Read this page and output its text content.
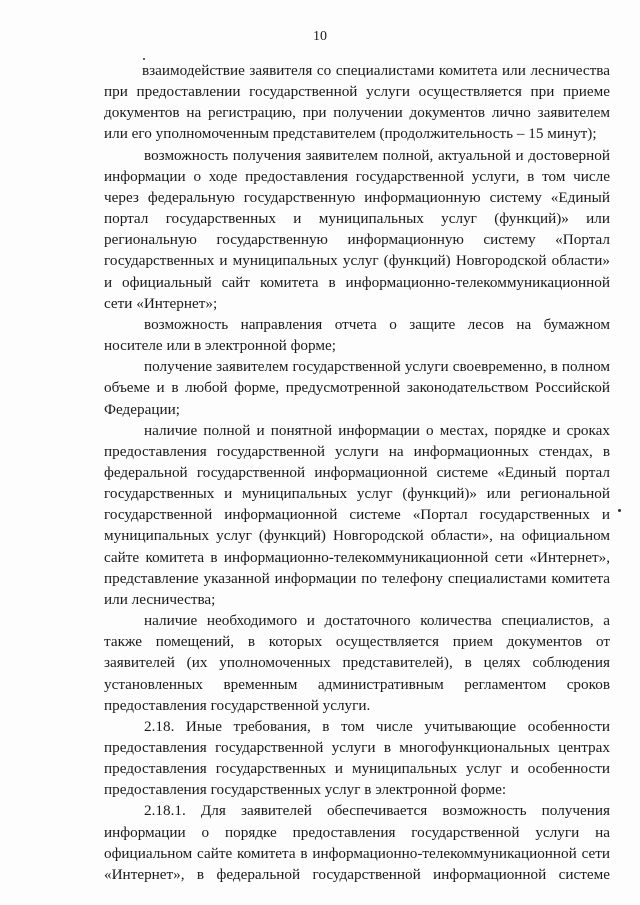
10

взаимодействие заявителя со специалистами комитета или лесничества при предоставлении государственной услуги осуществляется при приеме документов на регистрацию, при получении документов лично заявителем или его уполномоченным представителем (продолжительность – 15 минут);

возможность получения заявителем полной, актуальной и достоверной информации о ходе предоставления государственной услуги, в том числе через федеральную государственную информационную систему «Единый портал государственных и муниципальных услуг (функций)» или региональную государственную информационную систему «Портал государственных и муниципальных услуг (функций) Новгородской области» и официальный сайт комитета в информационно-телекоммуникационной сети «Интернет»;

возможность направления отчета о защите лесов на бумажном носителе или в электронной форме;

получение заявителем государственной услуги своевременно, в полном объеме и в любой форме, предусмотренной законодательством Российской Федерации;

наличие полной и понятной информации о местах, порядке и сроках предоставления государственной услуги на информационных стендах, в федеральной государственной информационной системе «Единый портал государственных и муниципальных услуг (функций)» или региональной государственной информационной системе «Портал государственных и муниципальных услуг (функций) Новгородской области», на официальном сайте комитета в информационно-телекоммуникационной сети «Интернет», представление указанной информации по телефону специалистами комитета или лесничества;

наличие необходимого и достаточного количества специалистов, а также помещений, в которых осуществляется прием документов от заявителей (их уполномоченных представителей), в целях соблюдения установленных временным административным регламентом сроков предоставления государственной услуги.

2.18. Иные требования, в том числе учитывающие особенности предоставления государственной услуги в многофункциональных центрах предоставления государственных и муниципальных услуг и особенности предоставления государственных услуг в электронной форме:

2.18.1. Для заявителей обеспечивается возможность получения информации о порядке предоставления государственной услуги на официальном сайте комитета в информационно-телекоммуникационной сети «Интернет», в федеральной государственной информационной системе
